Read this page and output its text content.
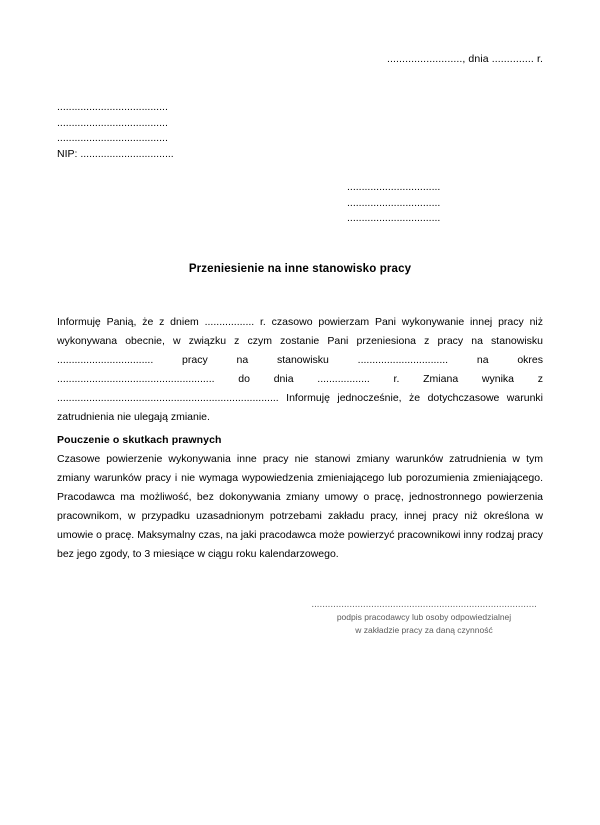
........................., dnia .............. r.
......................................
......................................
......................................
NIP: ................................
................................
................................
................................
Przeniesienie na inne stanowisko pracy
Informuję Panią, że z dniem ................. r. czasowo powierzam Pani wykonywanie innej pracy niż wykonywana obecnie, w związku z czym zostanie Pani przeniesiona z pracy na stanowisku ................................. pracy na stanowisku ............................... na okres ...................................................... do dnia .................. r. Zmiana wynika z ............................................................................ Informuję jednocześnie, że dotychczasowe warunki zatrudnienia nie ulegają zmianie.
Pouczenie o skutkach prawnych
Czasowe powierzenie wykonywania inne pracy nie stanowi zmiany warunków zatrudnienia w tym zmiany warunków pracy i nie wymaga wypowiedzenia zmieniającego lub porozumienia zmieniającego. Pracodawca ma możliwość, bez dokonywania zmiany umowy o pracę, jednostronnego powierzenia pracownikom, w przypadku uzasadnionym potrzebami zakładu pracy, innej pracy niż określona w umowie o pracę. Maksymalny czas, na jaki pracodawca może powierzyć pracownikowi inny rodzaj pracy bez jego zgody, to 3 miesiące w ciągu roku kalendarzowego.
...................................................................................
podpis pracodawcy lub osoby odpowiedzialnej
w zakładzie pracy za daną czynność
